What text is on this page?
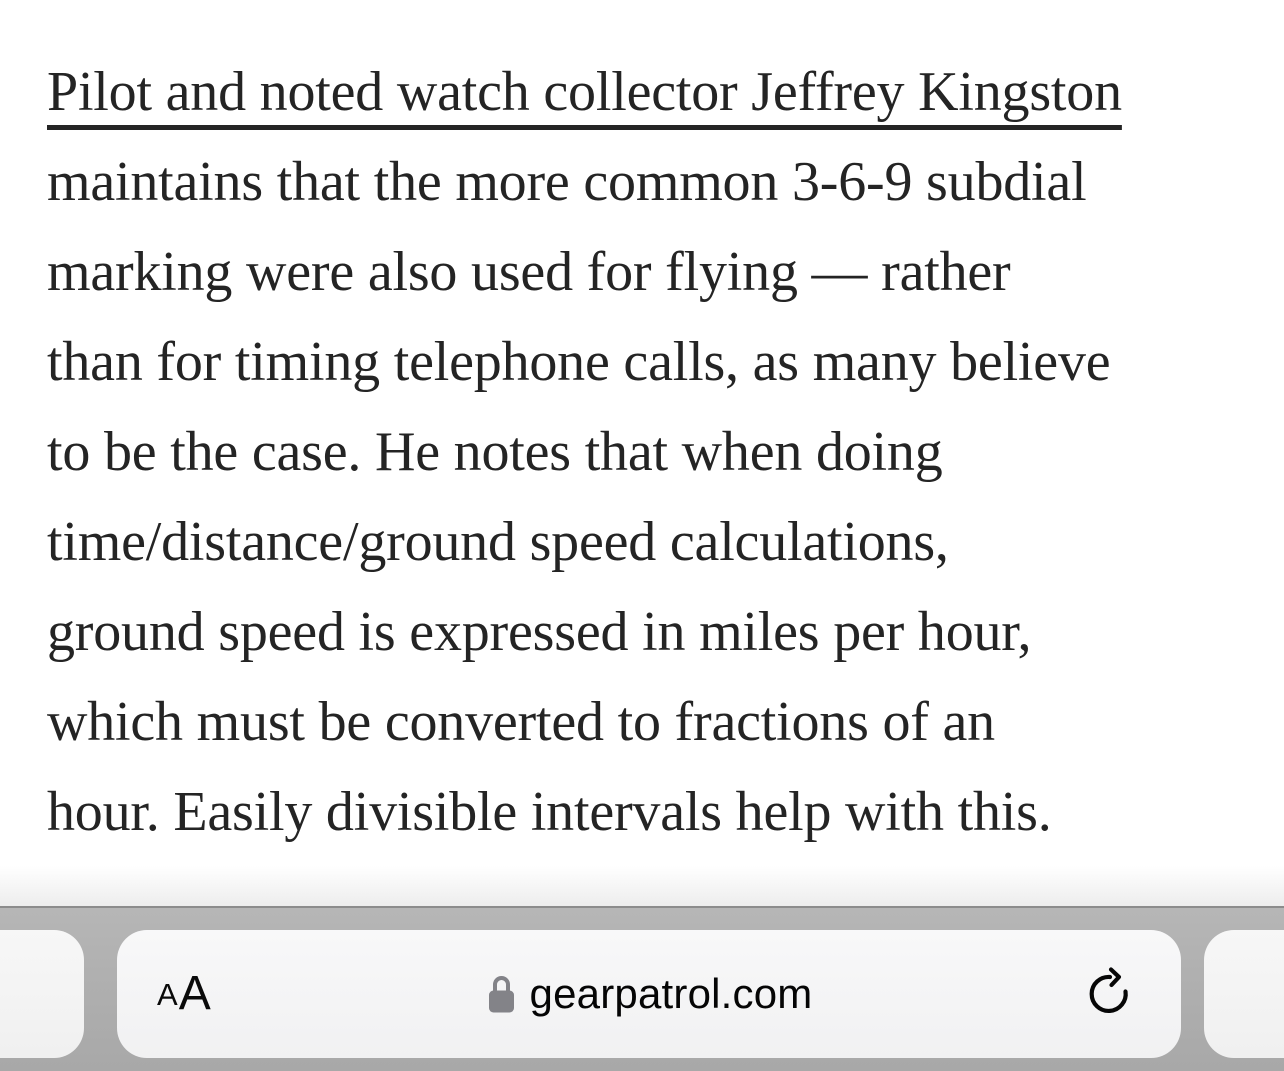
Pilot and noted watch collector Jeffrey Kingston
maintains that the more common 3-6-9 subdial
marking were also used for flying — rather
than for timing telephone calls, as many believe
to be the case. He notes that when doing
time/distance/ground speed calculations,
ground speed is expressed in miles per hour,
which must be converted to fractions of an
hour. Easily divisible intervals help with this.
A A	gearpatrol.com
